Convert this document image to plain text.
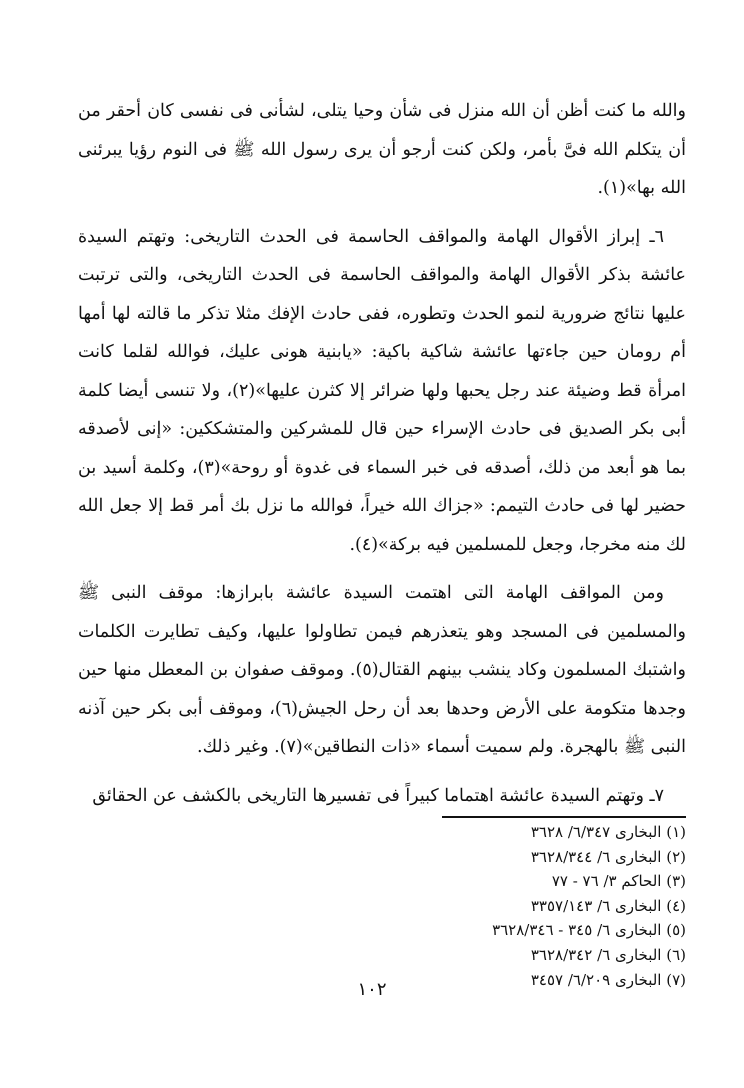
والله ما كنت أظن أن الله منزل فى شأن وحيا يتلى، لشأنى فى نفسى كان أحقر من أن يتكلم الله فىَّ بأمر، ولكن كنت أرجو أن يرى رسول الله ﷺ فى النوم رؤيا يبرئنى الله بها»(١).

٦ـ إبراز الأقوال الهامة والمواقف الحاسمة فى الحدث التاريخى: وتهتم السيدة عائشة بذكر الأقوال الهامة والمواقف الحاسمة فى الحدث التاريخى، والتى ترتبت عليها نتائج ضرورية لنمو الحدث وتطوره، ففى حادث الإفك مثلا تذكر ما قالته لها أمها أم رومان حين جاءتها عائشة شاكية باكية: «يابنية هونى عليك، فوالله لقلما كانت امرأة قط وضيئة عند رجل يحبها ولها ضرائر إلا كثرن عليها»(٢)، ولا تنسى أيضا كلمة أبى بكر الصديق فى حادث الإسراء حين قال للمشركين والمتشككين: «إنى لأصدقه بما هو أبعد من ذلك، أصدقه فى خبر السماء فى غدوة أو روحة»(٣)، وكلمة أسيد بن حضير لها فى حادث التيمم: «جزاك الله خيراً، فوالله ما نزل بك أمر قط إلا جعل الله لك منه مخرجا، وجعل للمسلمين فيه بركة»(٤).

ومن المواقف الهامة التى اهتمت السيدة عائشة بابرازها: موقف النبى ﷺ والمسلمين فى المسجد وهو يتعذرهم فيمن تطاولوا عليها، وكيف تطايرت الكلمات واشتبك المسلمون وكاد ينشب بينهم القتال(٥). وموقف صفوان بن المعطل منها حين وجدها متكومة على الأرض وحدها بعد أن رحل الجيش(٦)، وموقف أبى بكر حين آذنه النبى ﷺ بالهجرة. ولم سميت أسماء «ذات النطاقين»(٧). وغير ذلك.

٧ـ وتهتم السيدة عائشة اهتماما كبيراً فى تفسيرها التاريخى بالكشف عن الحقائق

(١) البخارى ٦/٣٤٧/ ٣٦٢٨
(٢) البخارى ٦/ ٣٦٢٨/٣٤٤
(٣) الحاكم ٣/ ٧٦ - ٧٧
(٤) البخارى ٦/ ٣٣٥٧/١٤٣
(٥) البخارى ٦/ ٣٤٥ - ٣٦٢٨/٣٤٦
(٦) البخارى ٦/ ٣٦٢٨/٣٤٢
(٧) البخارى ٦/٢٠٩/ ٣٤٥٧
١٠٢
